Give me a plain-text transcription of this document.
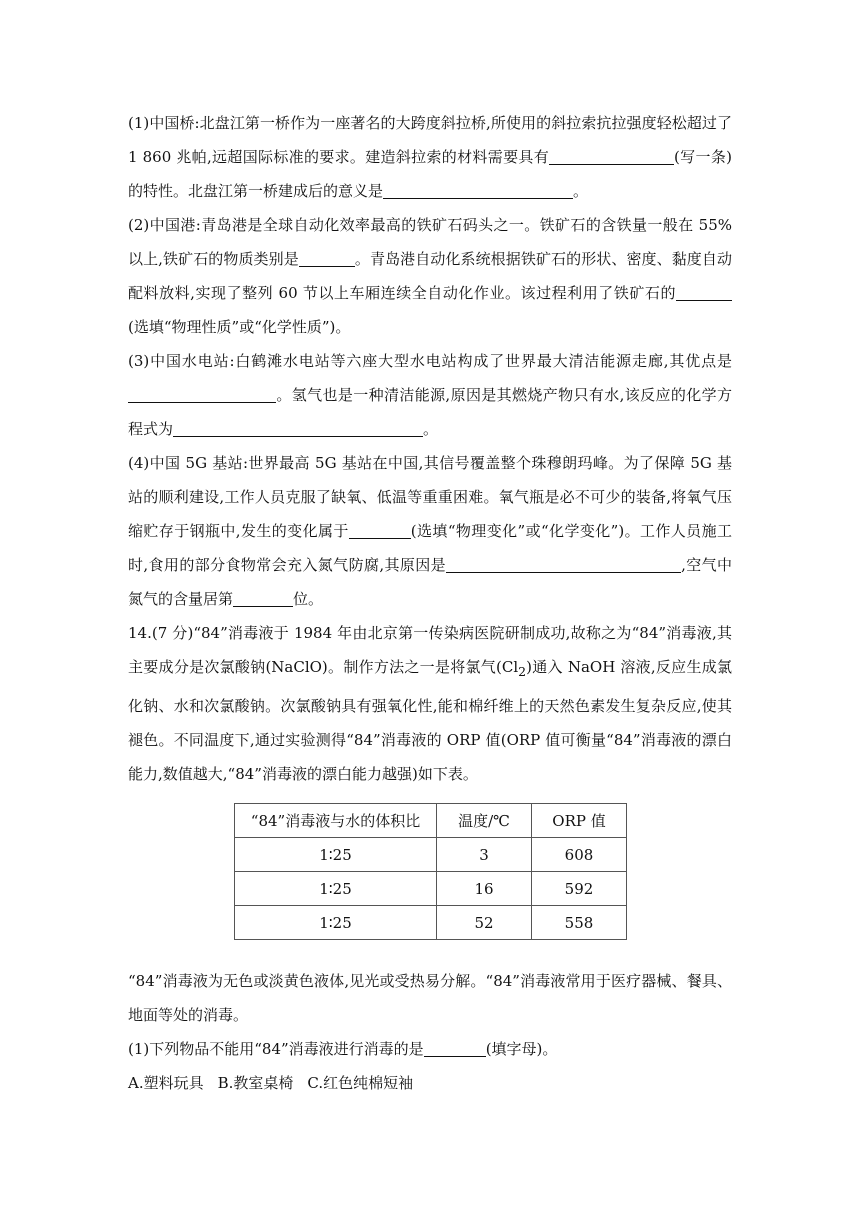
(1)中国桥:北盘江第一桥作为一座著名的大跨度斜拉桥,所使用的斜拉索抗拉强度轻松超过了 1 860 兆帕,远超国际标准的要求。建造斜拉索的材料需要具有	(写一条)的特性。北盘江第一桥建成后的意义是	。

(2)中国港:青岛港是全球自动化效率最高的铁矿石码头之一。铁矿石的含铁量一般在 55%以上,铁矿石的物质类别是	。青岛港自动化系统根据铁矿石的形状、密度、黏度自动配料放料,实现了整列 60 节以上车厢连续全自动化作业。该过程利用了铁矿石的(选填“物理性质”或“化学性质”)。

(3)中国水电站:白鹤滩水电站等六座大型水电站构成了世界最大清洁能源走廊,其优点是。氢气也是一种清洁能源,原因是其燃烧产物只有水,该反应的化学方程式为	。

(4)中国 5G 基站:世界最高 5G 基站在中国,其信号覆盖整个珠穆朗玛峰。为了保障 5G 基站的顺利建设,工作人员克服了缺氧、低温等重重困难。氧气瓶是必不可少的装备,将氧气压缩贮存于钢瓶中,发生的变化属于	(选填“物理变化”或“化学变化”)。工作人员施工时,食用的部分食物常会充入氮气防腐,其原因是	,空气中氮气的含量居第	位。

14.(7 分)“84”消毒液于 1984 年由北京第一传染病医院研制成功,故称之为“84”消毒液,其主要成分是次氯酸钠(NaClO)。制作方法之一是将氯气$(Cl_2)$通入 NaOH 溶液,反应生成氯化钠、水和次氯酸钠。次氯酸钠具有强氧化性,能和棉纤维上的天然色素发生复杂反应,使其褪色。不同温度下,通过实验测得“84”消毒液的 ORP 值(ORP 值可衡量“84”消毒液的漂白能力,数值越大,“84”消毒液的漂白能力越强)如下表。

“84”消毒液与水的体积比	温度/℃	ORP 值
1∶25	3	608
1∶25	16	592
1∶25	52	558

“84”消毒液为无色或淡黄色液体,见光或受热易分解。“84”消毒液常用于医疗器械、餐具、地面等处的消毒。

(1)下列物品不能用“84”消毒液进行消毒的是	(填字母)。

A.塑料玩具 B.教室桌椅 C.红色纯棉短袖
